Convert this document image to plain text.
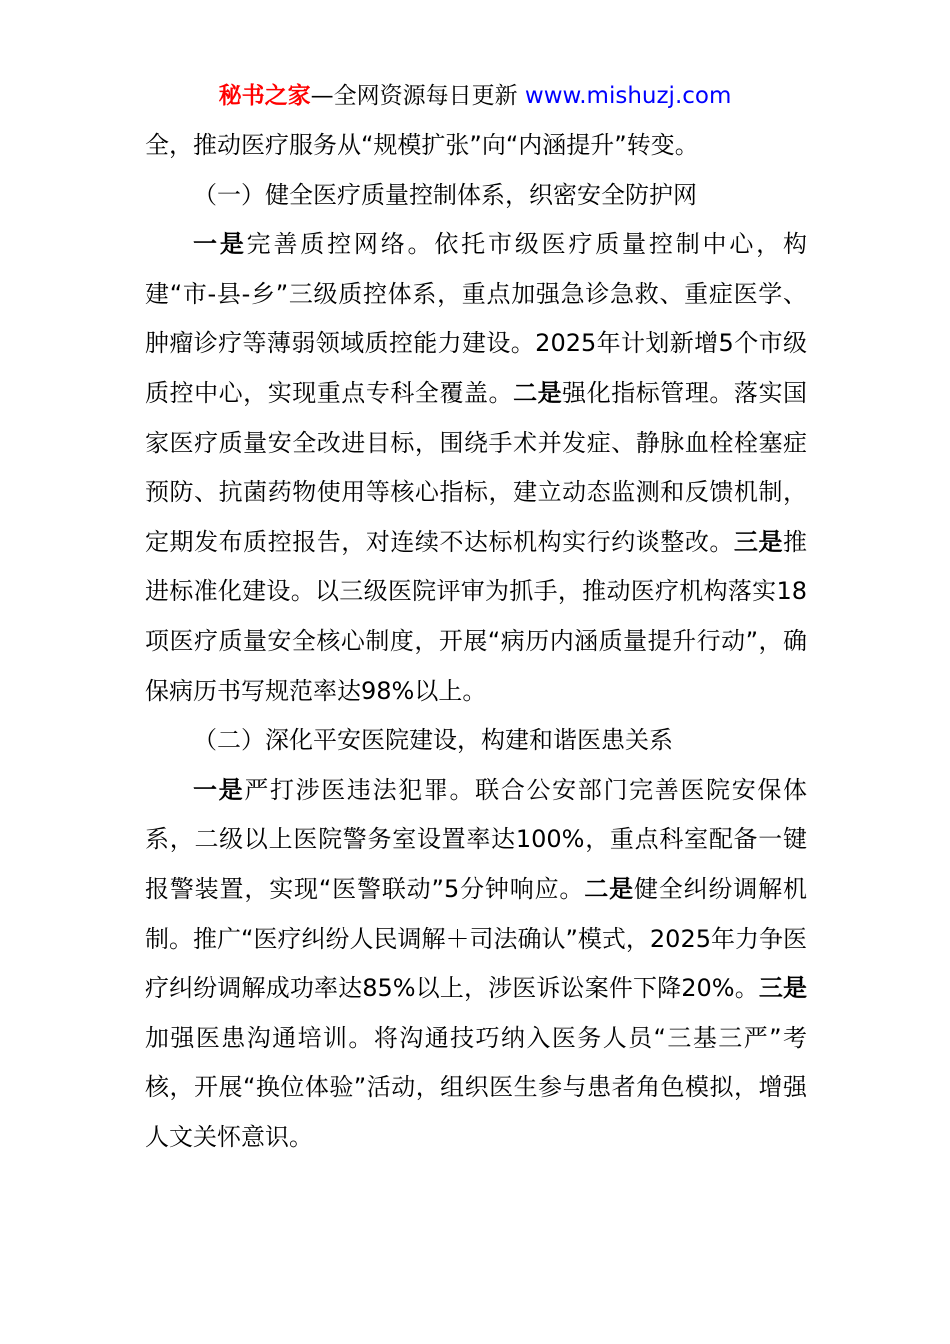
秘书之家—全网资源每日更新 www.mishuzj.com

全，推动医疗服务从“规模扩张”向“内涵提升”转变。

（一）健全医疗质量控制体系，织密安全防护网

一是完善质控网络。依托市级医疗质量控制中心，构建“市-县-乡”三级质控体系，重点加强急诊急救、重症医学、肿瘤诊疗等薄弱领域质控能力建设。2025年计划新增5个市级质控中心，实现重点专科全覆盖。二是强化指标管理。落实国家医疗质量安全改进目标，围绕手术并发症、静脉血栓栓塞症预防、抗菌药物使用等核心指标，建立动态监测和反馈机制，定期发布质控报告，对连续不达标机构实行约谈整改。三是推进标准化建设。以三级医院评审为抓手，推动医疗机构落实18项医疗质量安全核心制度，开展“病历内涵质量提升行动”，确保病历书写规范率达98%以上。

（二）深化平安医院建设，构建和谐医患关系

一是严打涉医违法犯罪。联合公安部门完善医院安保体系，二级以上医院警务室设置率达100%，重点科室配备一键报警装置，实现“医警联动”5分钟响应。二是健全纠纷调解机制。推广“医疗纠纷人民调解＋司法确认”模式，2025年力争医疗纠纷调解成功率达85%以上，涉医诉讼案件下降20%。三是加强医患沟通培训。将沟通技巧纳入医务人员“三基三严”考核，开展“换位体验”活动，组织医生参与患者角色模拟，增强人文关怀意识。
